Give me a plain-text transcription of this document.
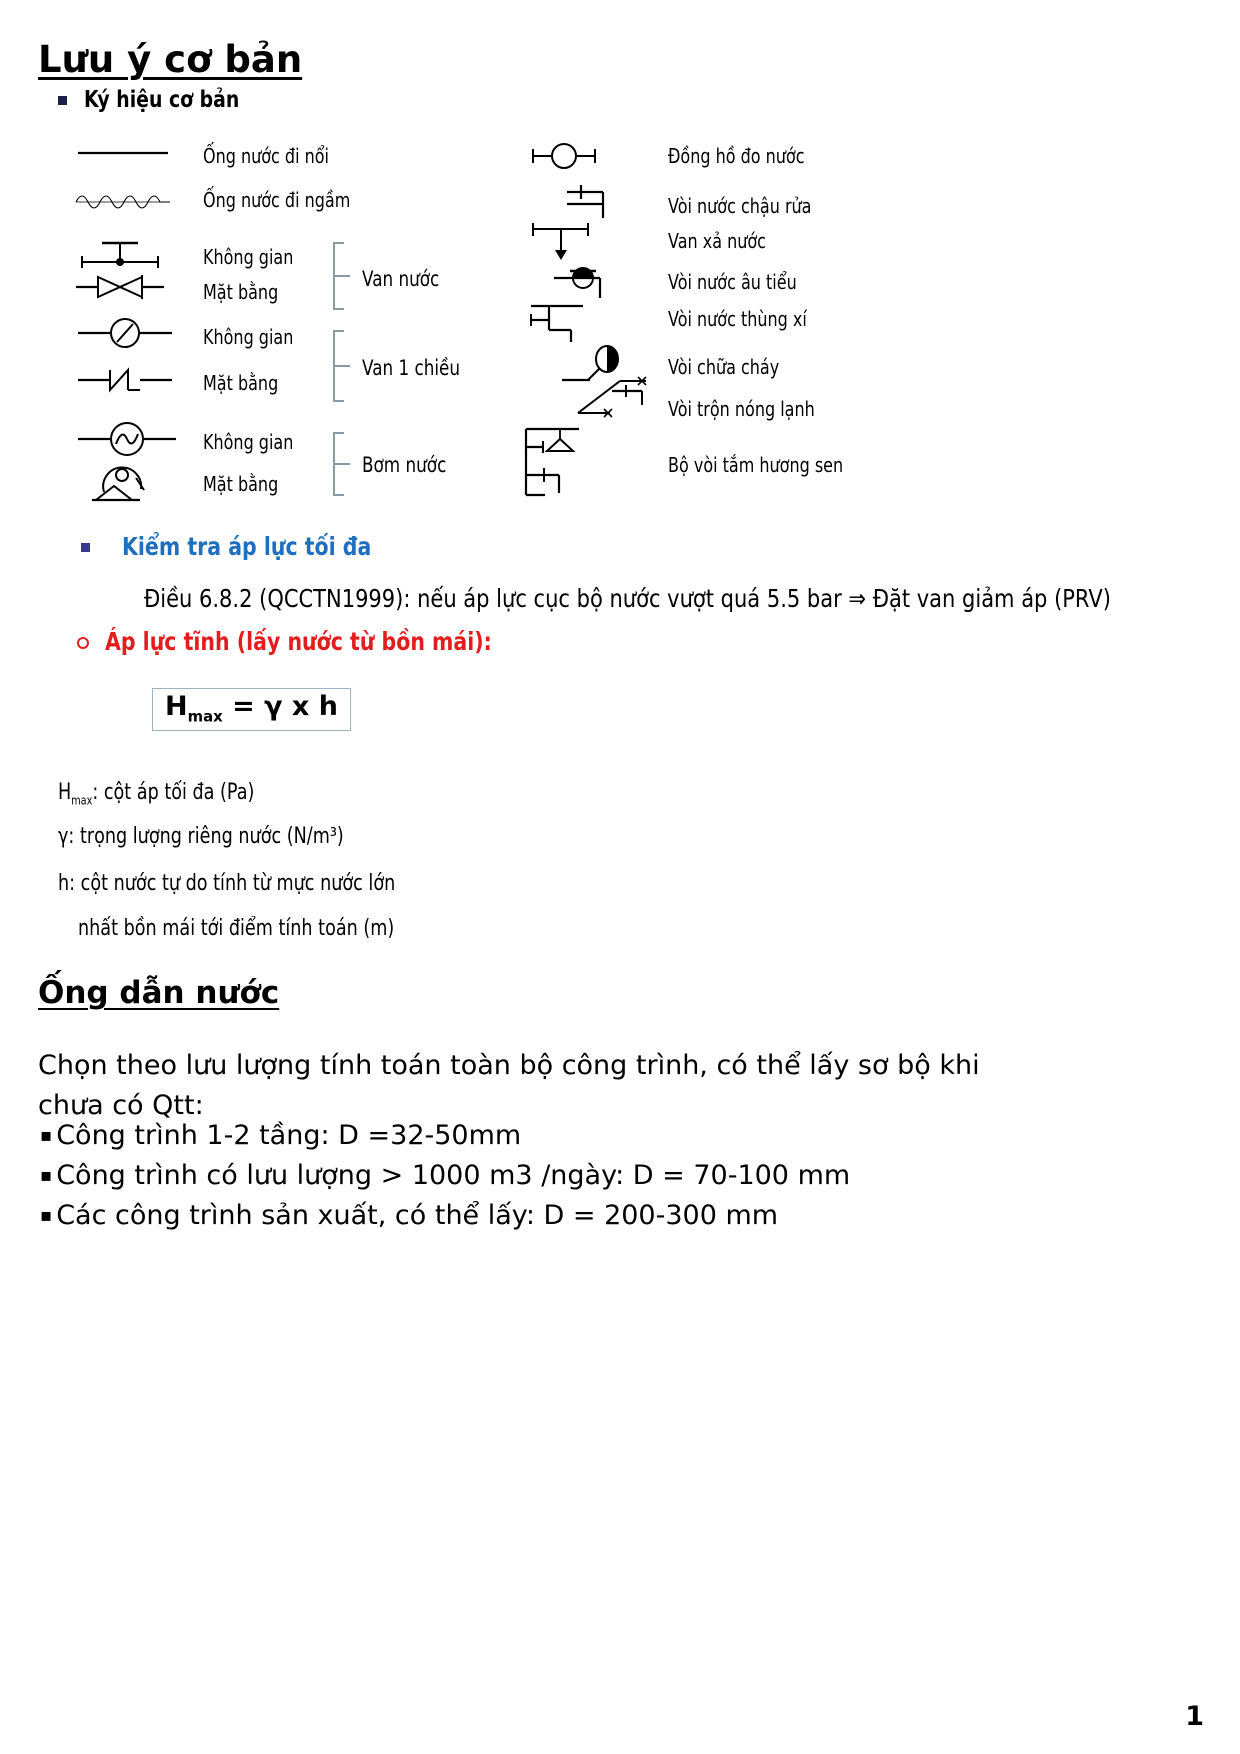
Lưu ý cơ bản
Ký hiệu cơ bản
Ống nước đi nổi
Ống nước đi ngầm
Không gian
Mặt bằng
Không gian
Mặt bằng
Không gian
Mặt bằng
Van nước
Van 1 chiều
Bơm nước
Đồng hồ đo nước
Vòi nước chậu rửa
Van xả nước
Vòi nước âu tiểu
Vòi nước thùng xí
Vòi chữa cháy
Vòi trộn nóng lạnh
Bộ vòi tắm hương sen
Kiểm tra áp lực tối đa
Điều 6.8.2 (QCCTN1999): nếu áp lực cục bộ nước vượt quá 5.5 bar ⇒ Đặt van giảm áp (PRV)
Áp lực tĩnh (lấy nước từ bồn mái):
$H_{max} = \gamma$ x h
$H_{max}$: cột áp tối đa (Pa)
γ: trọng lượng riêng nước (N/m³)
h: cột nước tự do tính từ mực nước lớn
nhất bồn mái tới điểm tính toán (m)
Ống dẫn nước
Chọn theo lưu lượng tính toán toàn bộ công trình, có thể lấy sơ bộ khi chưa có Qtt:
▪ Công trình 1-2 tầng: D =32-50mm
▪ Công trình có lưu lượng > 1000 m3 /ngày: D = 70-100 mm
▪ Các công trình sản xuất, có thể lấy: D = 200-300 mm
1
